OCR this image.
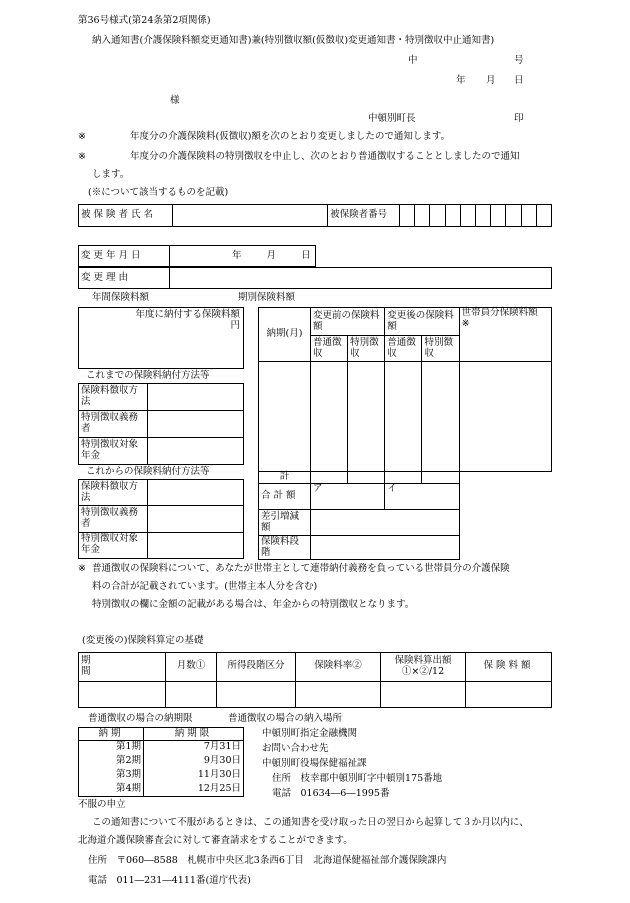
第36号様式(第24条第2項関係)
納入通知書(介護保険料額変更通知書)兼(特別徴収額(仮徴収)変更通知書・特別徴収中止通知書)
中	号
年 月 日
様
中頓別町長	印
※	年度分の介護保険料(仮徴収)額を次のとおり変更しましたので通知します。
※	年度分の介護保険料の特別徴収を中止し、次のとおり普通徴収することとしましたので通知
します。
(※について該当するものを記載)
被保険者氏名		被保険者番号										
変更年月日	年	月	日
変更理由	
年間保険料額	期別保険料額
年度に納付する保険料額
円
これまでの保険料納付方法等
保険料徴収方法	
特別徴収義務者	
特別徴収対象年金	
これからの保険料納付方法等
保険料徴収方法	
特別徴収義務者	
特別徴収対象年金	
納期(月)	変更前の保険料額		変更後の保険料額		世帯員分保険料額
※
	普通徴収	特別徴収	普通徴収	特別徴収	

計					
合計額	ア		イ		
差引増減額					
保険料段階					
※ 普通徴収の保険料について、あなたが世帯主として連帯納付義務を負っている世帯員分の介護保険
料の合計が記載されています。(世帯主本人分を含む)
特別徴収の欄に金額の記載がある場合は、年金からの特別徴収となります。
(変更後の)保険料算定の基礎
期間	月数①	所得段階区分	保険料率②	保険料算出額①×②/12	保険料額

普通徴収の場合の納期限
納期	納期限
第1期	7月31日
第2期	9月30日
第3期	11月30日
第4期	12月25日
普通徴収の場合の納入場所
中頓別町指定金融機関
お問い合わせ先
中頓別町役場保健福祉課
住所　枝幸郡中頓別町字中頓別175番地
電話　01634―6―1995番
不服の申立
この通知書について不服があるときは、この通知書を受け取った日の翌日から起算して３か月以内に、
北海道介護保険審査会に対して審査請求をすることができます。
住所　〒060―8588　札幌市中央区北3条西6丁目　北海道保健福祉部介護保険課内
電話　011―231―4111番(道庁代表)
